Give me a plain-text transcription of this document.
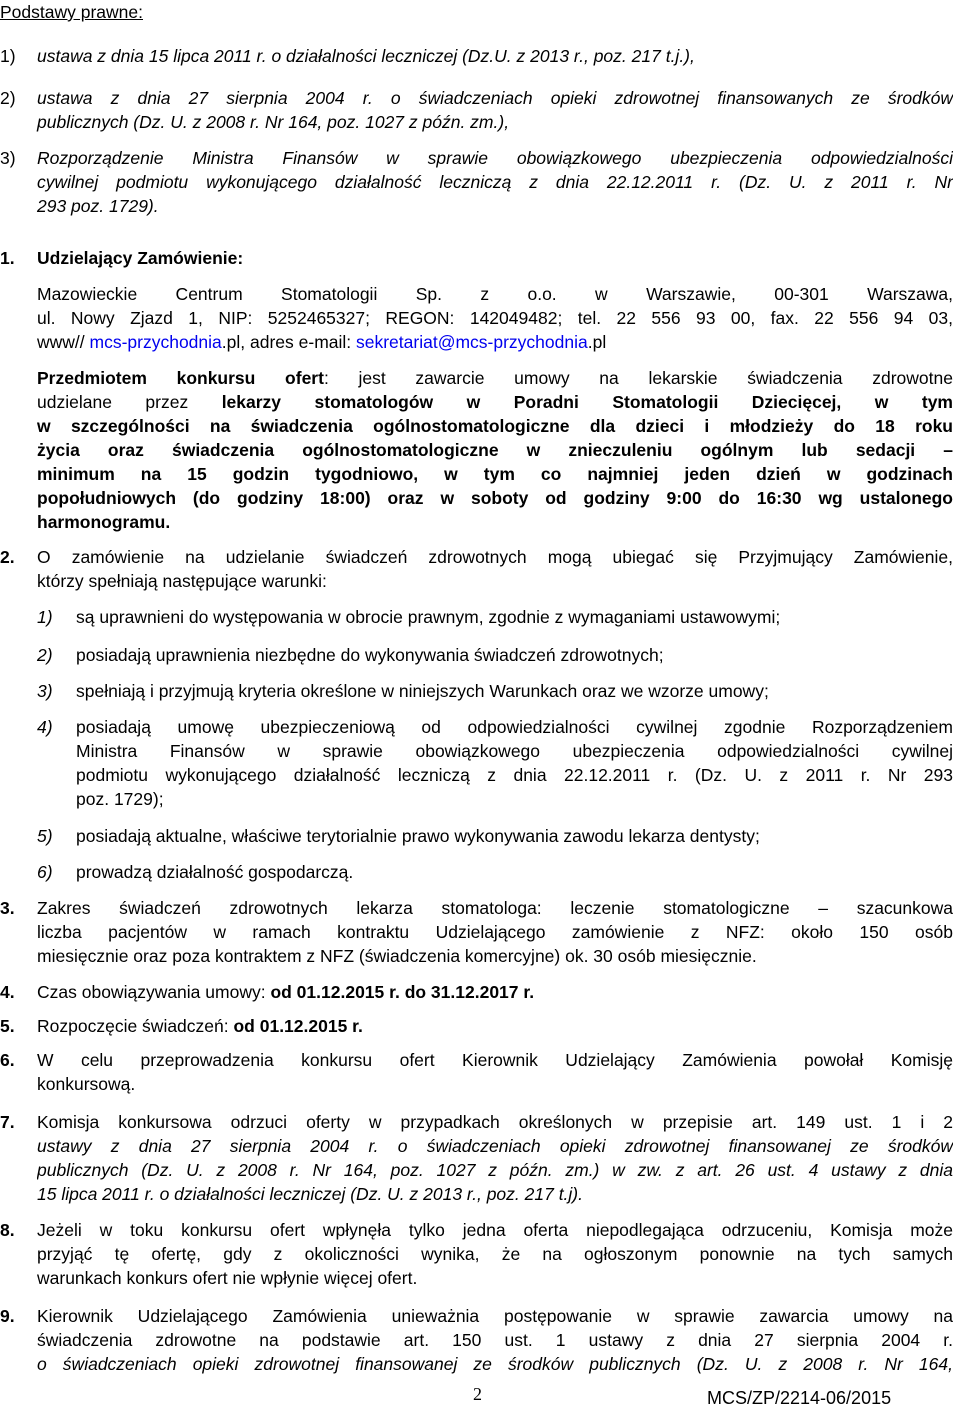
Podstawy prawne:
1) ustawa z dnia 15 lipca 2011 r. o działalności leczniczej (Dz.U. z 2013 r., poz. 217 t.j.),
2) ustawa z dnia 27 sierpnia 2004 r. o świadczeniach opieki zdrowotnej finansowanych ze środków
publicznych (Dz. U. z 2008 r. Nr 164, poz. 1027 z późn. zm.),
3) Rozporządzenie Ministra Finansów w sprawie obowiązkowego ubezpieczenia odpowiedzialności
cywilnej podmiotu wykonującego działalność leczniczą z dnia 22.12.2011 r. (Dz. U. z 2011 r. Nr
293 poz. 1729).
1. Udzielający Zamówienie:
Mazowieckie Centrum Stomatologii Sp. z o.o. w Warszawie, 00-301 Warszawa,
ul. Nowy Zjazd 1, NIP: 5252465327; REGON: 142049482; tel. 22 556 93 00, fax. 22 556 94 03,
www// mcs-przychodnia.pl, adres e-mail: sekretariat@mcs-przychodnia.pl
Przedmiotem konkursu ofert: jest zawarcie umowy na lekarskie świadczenia zdrowotne
udzielane przez lekarzy stomatologów w Poradni Stomatologii Dziecięcej, w tym
w szczególności na świadczenia ogólnostomatologiczne dla dzieci i młodzieży do 18 roku
życia oraz świadczenia ogólnostomatologiczne w znieczuleniu ogólnym lub sedacji –
minimum na 15 godzin tygodniowo, w tym co najmniej jeden dzień w godzinach
popołudniowych (do godziny 18:00) oraz w soboty od godziny 9:00 do 16:30 wg ustalonego
harmonogramu.
2. O zamówienie na udzielanie świadczeń zdrowotnych mogą ubiegać się Przyjmujący Zamówienie,
którzy spełniają następujące warunki:
1) są uprawnieni do występowania w obrocie prawnym, zgodnie z wymaganiami ustawowymi;
2) posiadają uprawnienia niezbędne do wykonywania świadczeń zdrowotnych;
3) spełniają i przyjmują kryteria określone w niniejszych Warunkach oraz we wzorze umowy;
4) posiadają umowę ubezpieczeniową od odpowiedzialności cywilnej zgodnie Rozporządzeniem
Ministra Finansów w sprawie obowiązkowego ubezpieczenia odpowiedzialności cywilnej
podmiotu wykonującego działalność leczniczą z dnia 22.12.2011 r. (Dz. U. z 2011 r. Nr 293
poz. 1729);
5) posiadają aktualne, właściwe terytorialnie prawo wykonywania zawodu lekarza dentysty;
6) prowadzą działalność gospodarczą.
3. Zakres świadczeń zdrowotnych lekarza stomatologa: leczenie stomatologiczne – szacunkowa
liczba pacjentów w ramach kontraktu Udzielającego zamówienie z NFZ: około 150 osób
miesięcznie oraz poza kontraktem z NFZ (świadczenia komercyjne) ok. 30 osób miesięcznie.
4. Czas obowiązywania umowy: od 01.12.2015 r. do 31.12.2017 r.
5. Rozpoczęcie świadczeń: od 01.12.2015 r.
6. W celu przeprowadzenia konkursu ofert Kierownik Udzielający Zamówienia powołał Komisję
konkursową.
7. Komisja konkursowa odrzuci oferty w przypadkach określonych w przepisie art. 149 ust. 1 i 2
ustawy z dnia 27 sierpnia 2004 r. o świadczeniach opieki zdrowotnej finansowanej ze środków
publicznych (Dz. U. z 2008 r. Nr 164, poz. 1027 z późn. zm.) w zw. z art. 26 ust. 4 ustawy z dnia
15 lipca 2011 r. o działalności leczniczej (Dz. U. z 2013 r., poz. 217 t.j).
8. Jeżeli w toku konkursu ofert wpłynęła tylko jedna oferta niepodlegająca odrzuceniu, Komisja może
przyjąć tę ofertę, gdy z okoliczności wynika, że na ogłoszonym ponownie na tych samych
warunkach konkurs ofert nie wpłynie więcej ofert.
9. Kierownik Udzielającego Zamówienia unieważnia postępowanie w sprawie zawarcia umowy na
świadczenia zdrowotne na podstawie art. 150 ust. 1 ustawy z dnia 27 sierpnia 2004 r.
o świadczeniach opieki zdrowotnej finansowanej ze środków publicznych (Dz. U. z 2008 r. Nr 164,
2	MCS/ZP/2214-06/2015
